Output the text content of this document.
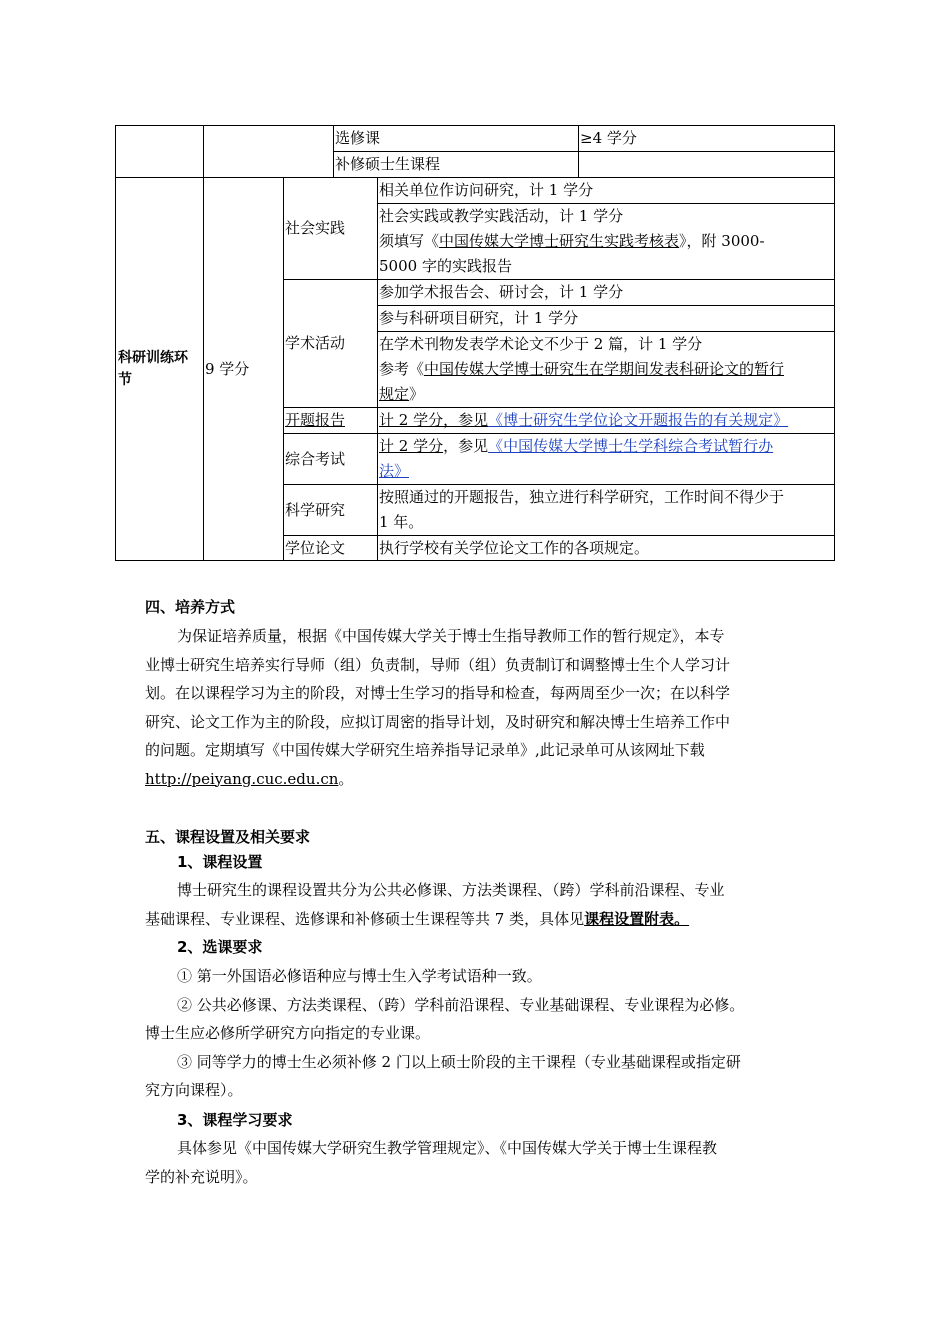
选修课	≥4 学分
补修硕士生课程
科研训练环节
9 学分
社会实践
学术活动
开题报告
综合考试
科学研究
学位论文
相关单位作访问研究，计 1 学分
社会实践或教学实践活动，计 1 学分
须填写《中国传媒大学博士研究生实践考核表》，附 3000-
5000 字的实践报告
参加学术报告会、研讨会，计 1 学分
参与科研项目研究，计 1 学分
在学术刊物发表学术论文不少于 2 篇，计 1 学分
参考《中国传媒大学博士研究生在学期间发表科研论文的暂行
规定》
计 2 学分，参见《博士研究生学位论文开题报告的有关规定》
计 2 学分，参见《中国传媒大学博士生学科综合考试暂行办
法》
按照通过的开题报告，独立进行科学研究，工作时间不得少于
1 年。
执行学校有关学位论文工作的各项规定。
四、培养方式
为保证培养质量，根据《中国传媒大学关于博士生指导教师工作的暂行规定》，本专
业博士研究生培养实行导师（组）负责制，导师（组）负责制订和调整博士生个人学习计
划。在以课程学习为主的阶段，对博士生学习的指导和检查，每两周至少一次；在以科学
研究、论文工作为主的阶段，应拟订周密的指导计划，及时研究和解决博士生培养工作中
的问题。定期填写《中国传媒大学研究生培养指导记录单》,此记录单可从该网址下载
http://peiyang.cuc.edu.cn。
五、课程设置及相关要求
1、课程设置
博士研究生的课程设置共分为公共必修课、方法类课程、（跨）学科前沿课程、专业
基础课程、专业课程、选修课和补修硕士生课程等共 7 类，具体见课程设置附表。
2、选课要求
① 第一外国语必修语种应与博士生入学考试语种一致。
② 公共必修课、方法类课程、（跨）学科前沿课程、专业基础课程、专业课程为必修。
博士生应必修所学研究方向指定的专业课。
③ 同等学力的博士生必须补修 2 门以上硕士阶段的主干课程（专业基础课程或指定研
究方向课程）。
3、课程学习要求
具体参见《中国传媒大学研究生教学管理规定》、《中国传媒大学关于博士生课程教
学的补充说明》。
